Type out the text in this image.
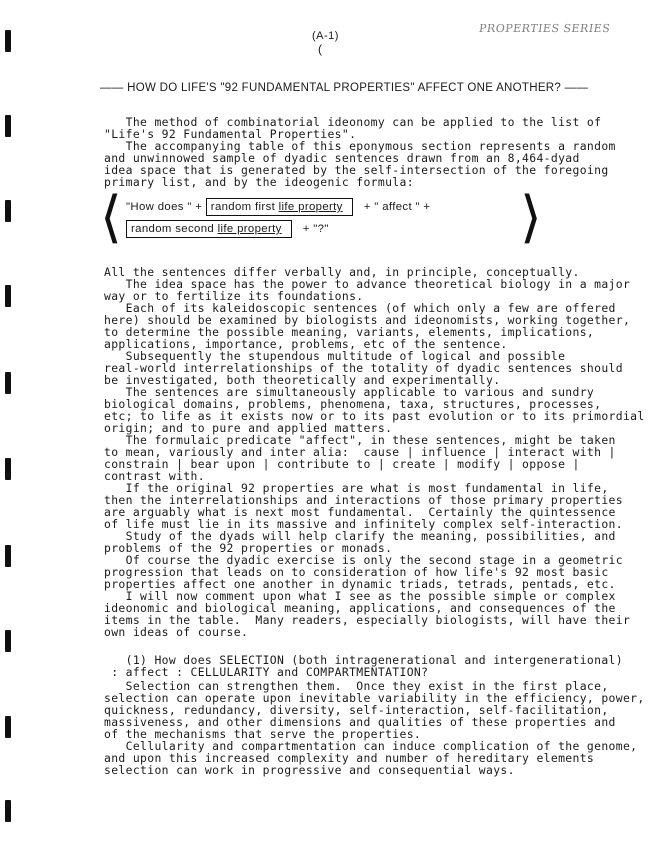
(A-1)
(
PROPERTIES SERIES
—— HOW DO LIFE'S "92 FUNDAMENTAL PROPERTIES" AFFECT ONE ANOTHER? ——
The method of combinatorial ideonomy can be applied to the list of
"Life's 92 Fundamental Properties".
The accompanying table of this eponymous section represents a random
and unwinnowed sample of dyadic sentences drawn from an 8,464-dyad
idea space that is generated by the self-intersection of the foregoing
primary list, and by the ideogenic formula:
⟨ "How does " + random first life property + " affect " +
random second life property + "?"	⟩
All the sentences differ verbally and, in principle, conceptually.
The idea space has the power to advance theoretical biology in a major
way or to fertilize its foundations.
Each of its kaleidoscopic sentences (of which only a few are offered
here) should be examined by biologists and ideonomists, working together,
to determine the possible meaning, variants, elements, implications,
applications, importance, problems, etc of the sentence.
Subsequently the stupendous multitude of logical and possible
real-world interrelationships of the totality of dyadic sentences should
be investigated, both theoretically and experimentally.
The sentences are simultaneously applicable to various and sundry
biological domains, problems, phenomena, taxa, structures, processes,
etc; to life as it exists now or to its past evolution or to its primordial
origin; and to pure and applied matters.
The formulaic predicate "affect", in these sentences, might be taken
to mean, variously and inter alia:  cause | influence | interact with |
constrain | bear upon | contribute to | create | modify | oppose |
contrast with.
If the original 92 properties are what is most fundamental in life,
then the interrelationships and interactions of those primary properties
are arguably what is next most fundamental.  Certainly the quintessence
of life must lie in its massive and infinitely complex self-interaction.
Study of the dyads will help clarify the meaning, possibilities, and
problems of the 92 properties or monads.
Of course the dyadic exercise is only the second stage in a geometric
progression that leads on to consideration of how life's 92 most basic
properties affect one another in dynamic triads, tetrads, pentads, etc.
I will now comment upon what I see as the possible simple or complex
ideonomic and biological meaning, applications, and consequences of the
items in the table.  Many readers, especially biologists, will have their
own ideas of course.
(1) How does SELECTION (both intragenerational and intergenerational)
: affect : CELLULARITY and COMPARTMENTATION?
Selection can strengthen them.  Once they exist in the first place,
selection can operate upon inevitable variability in the efficiency, power,
quickness, redundancy, diversity, self-interaction, self-facilitation,
massiveness, and other dimensions and qualities of these properties and
of the mechanisms that serve the properties.
Cellularity and compartmentation can induce complication of the genome,
and upon this increased complexity and number of hereditary elements
selection can work in progressive and consequential ways.
